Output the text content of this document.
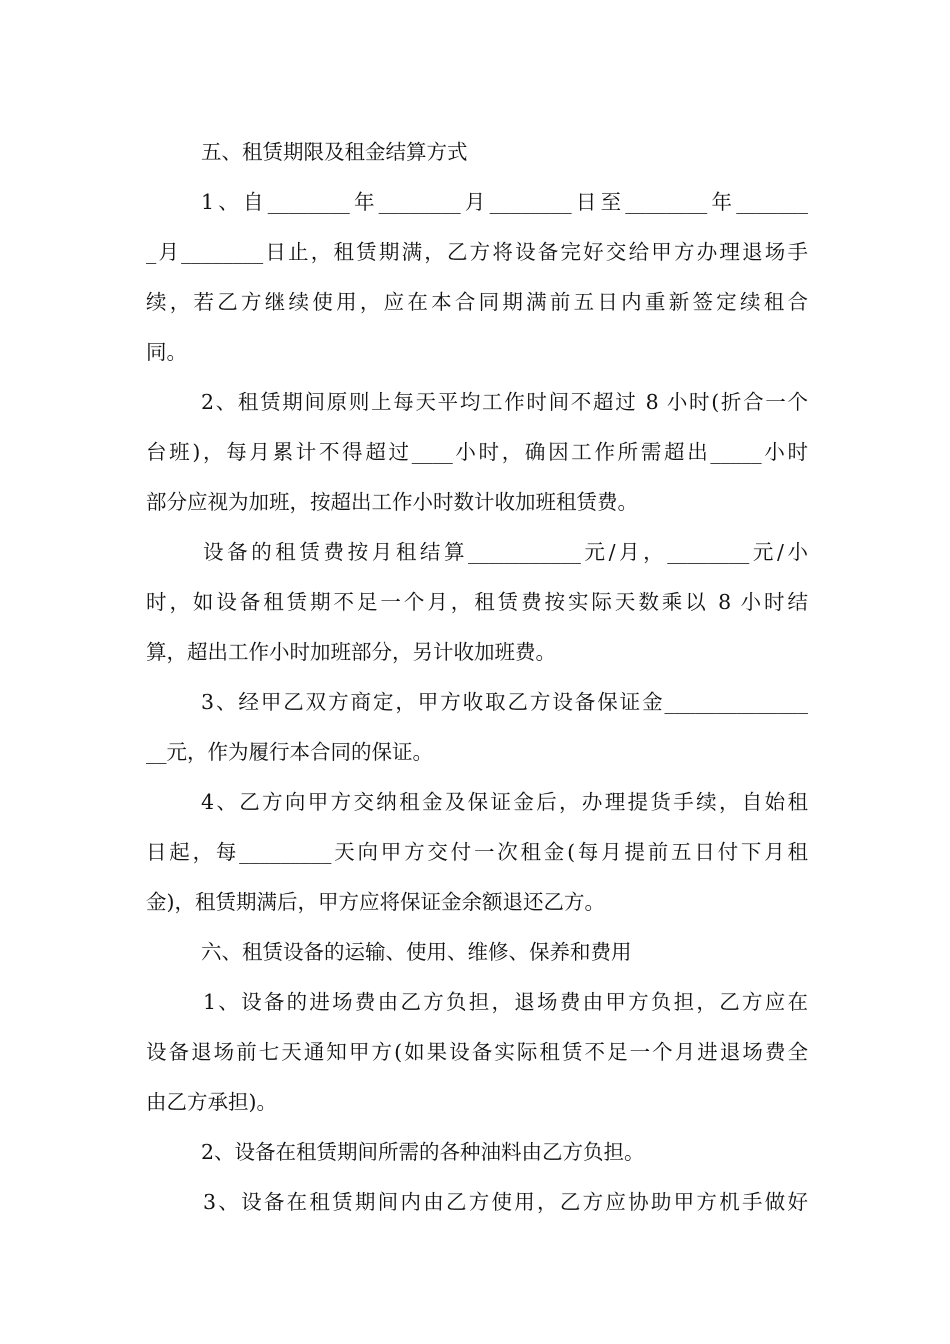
五、租赁期限及租金结算方式
1、自________年________月________日至________年_______
_月________日止，租赁期满，乙方将设备完好交给甲方办理退场手
续，若乙方继续使用，应在本合同期满前五日内重新签定续租合
同。
2、租赁期间原则上每天平均工作时间不超过 8 小时(折合一个
台班)，每月累计不得超过____小时，确因工作所需超出_____小时
部分应视为加班，按超出工作小时数计收加班租赁费。
设备的租赁费按月租结算___________元/月，________元/小
时，如设备租赁期不足一个月，租赁费按实际天数乘以 8 小时结
算，超出工作小时加班部分，另计收加班费。
3、经甲乙双方商定，甲方收取乙方设备保证金______________
__元，作为履行本合同的保证。
4、乙方向甲方交纳租金及保证金后，办理提货手续，自始租
日起，每_________天向甲方交付一次租金(每月提前五日付下月租
金)，租赁期满后，甲方应将保证金余额退还乙方。
六、租赁设备的运输、使用、维修、保养和费用
1、设备的进场费由乙方负担，退场费由甲方负担，乙方应在
设备退场前七天通知甲方(如果设备实际租赁不足一个月进退场费全
由乙方承担)。
2、设备在租赁期间所需的各种油料由乙方负担。
3、设备在租赁期间内由乙方使用，乙方应协助甲方机手做好
